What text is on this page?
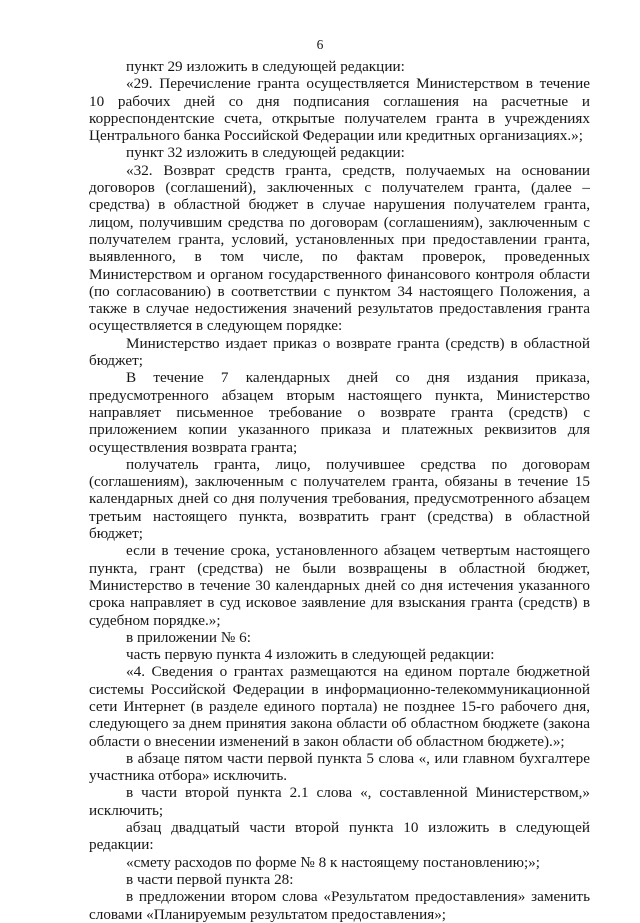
6

пункт 29 изложить в следующей редакции:

«29. Перечисление гранта осуществляется Министерством в течение 10 рабочих дней со дня подписания соглашения на расчетные и корреспондентские счета, открытые получателем гранта в учреждениях Центрального банка Российской Федерации или кредитных организациях.»;

пункт 32 изложить в следующей редакции:

«32. Возврат средств гранта, средств, получаемых на основании договоров (соглашений), заключенных с получателем гранта, (далее – средства) в областной бюджет в случае нарушения получателем гранта, лицом, получившим средства по договорам (соглашениям), заключенным с получателем гранта, условий, установленных при предоставлении гранта, выявленного, в том числе, по фактам проверок, проведенных Министерством и органом государственного финансового контроля области (по согласованию) в соответствии с пунктом 34 настоящего Положения, а также в случае недостижения значений результатов предоставления гранта осуществляется в следующем порядке:

Министерство издает приказ о возврате гранта (средств) в областной бюджет;

В течение 7 календарных дней со дня издания приказа, предусмотренного абзацем вторым настоящего пункта, Министерство направляет письменное требование о возврате гранта (средств) с приложением копии указанного приказа и платежных реквизитов для осуществления возврата гранта;

получатель гранта, лицо, получившее средства по договорам (соглашениям), заключенным с получателем гранта, обязаны в течение 15 календарных дней со дня получения требования, предусмотренного абзацем третьим настоящего пункта, возвратить грант (средства) в областной бюджет;

если в течение срока, установленного абзацем четвертым настоящего пункта, грант (средства) не были возвращены в областной бюджет, Министерство в течение 30 календарных дней со дня истечения указанного срока направляет в суд исковое заявление для взыскания гранта (средств) в судебном порядке.»;

в приложении № 6:

часть первую пункта 4 изложить в следующей редакции:

«4. Сведения о грантах размещаются на едином портале бюджетной системы Российской Федерации в информационно-телекоммуникационной сети Интернет (в разделе единого портала) не позднее 15-го рабочего дня, следующего за днем принятия закона области об областном бюджете (закона области о внесении изменений в закон области об областном бюджете).»;

в абзаце пятом части первой пункта 5 слова «, или главном бухгалтере участника отбора» исключить.

в части второй пункта 2.1 слова «, составленной Министерством,» исключить;

абзац двадцатый части второй пункта 10 изложить в следующей редакции:

«смету расходов по форме № 8 к настоящему постановлению;»;

в части первой пункта 28:

в предложении втором слова «Результатом предоставления» заменить словами «Планируемым результатом предоставления»;
